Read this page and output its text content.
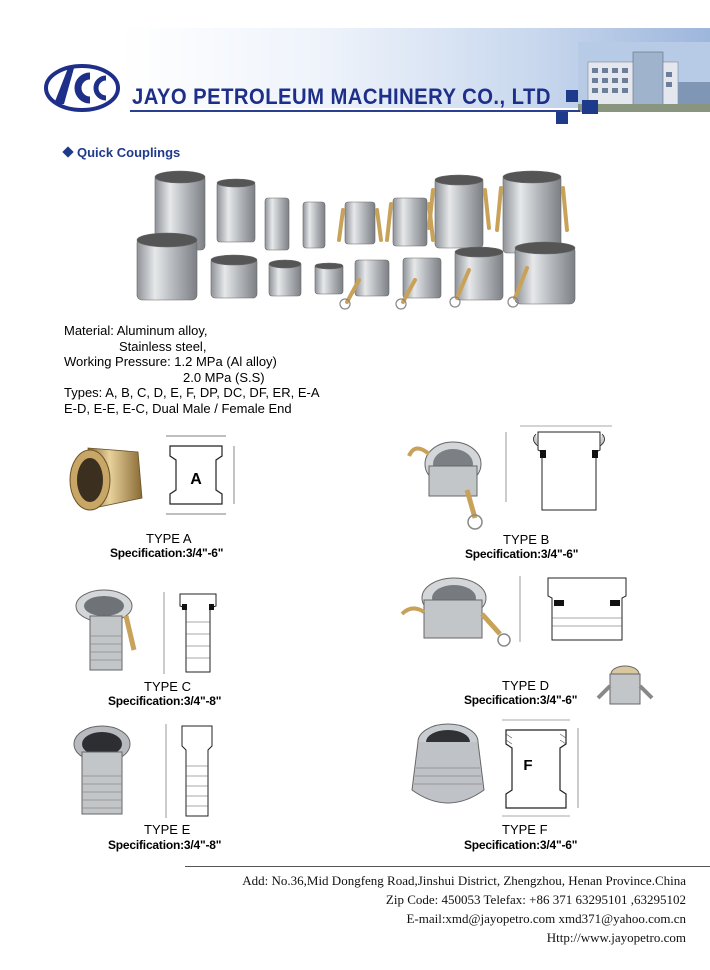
JAYO PETROLEUM MACHINERY CO., LTD
Quick Couplings
Material: Aluminum alloy,
Stainless steel,
Working Pressure: 1.2 MPa (Al alloy)
2.0 MPa (S.S)
Types: A, B, C, D, E, F, DP, DC, DF, ER, E-A
E-D, E-E, E-C, Dual Male / Female End
A
TYPE A
Specification:3/4"-6"
TYPE B
Specification:3/4"-6"
TYPE C
Specification:3/4"-8"
TYPE D
Specification:3/4"-6"
TYPE E
Specification:3/4"-8"
F
TYPE F
Specification:3/4"-6"
Add: No.36,Mid Dongfeng Road,Jinshui District, Zhengzhou, Henan Province.China
Zip Code: 450053 Telefax: +86 371 63295101 ,63295102
E-mail:xmd@jayopetro.com xmd371@yahoo.com.cn
Http://www.jayopetro.com
